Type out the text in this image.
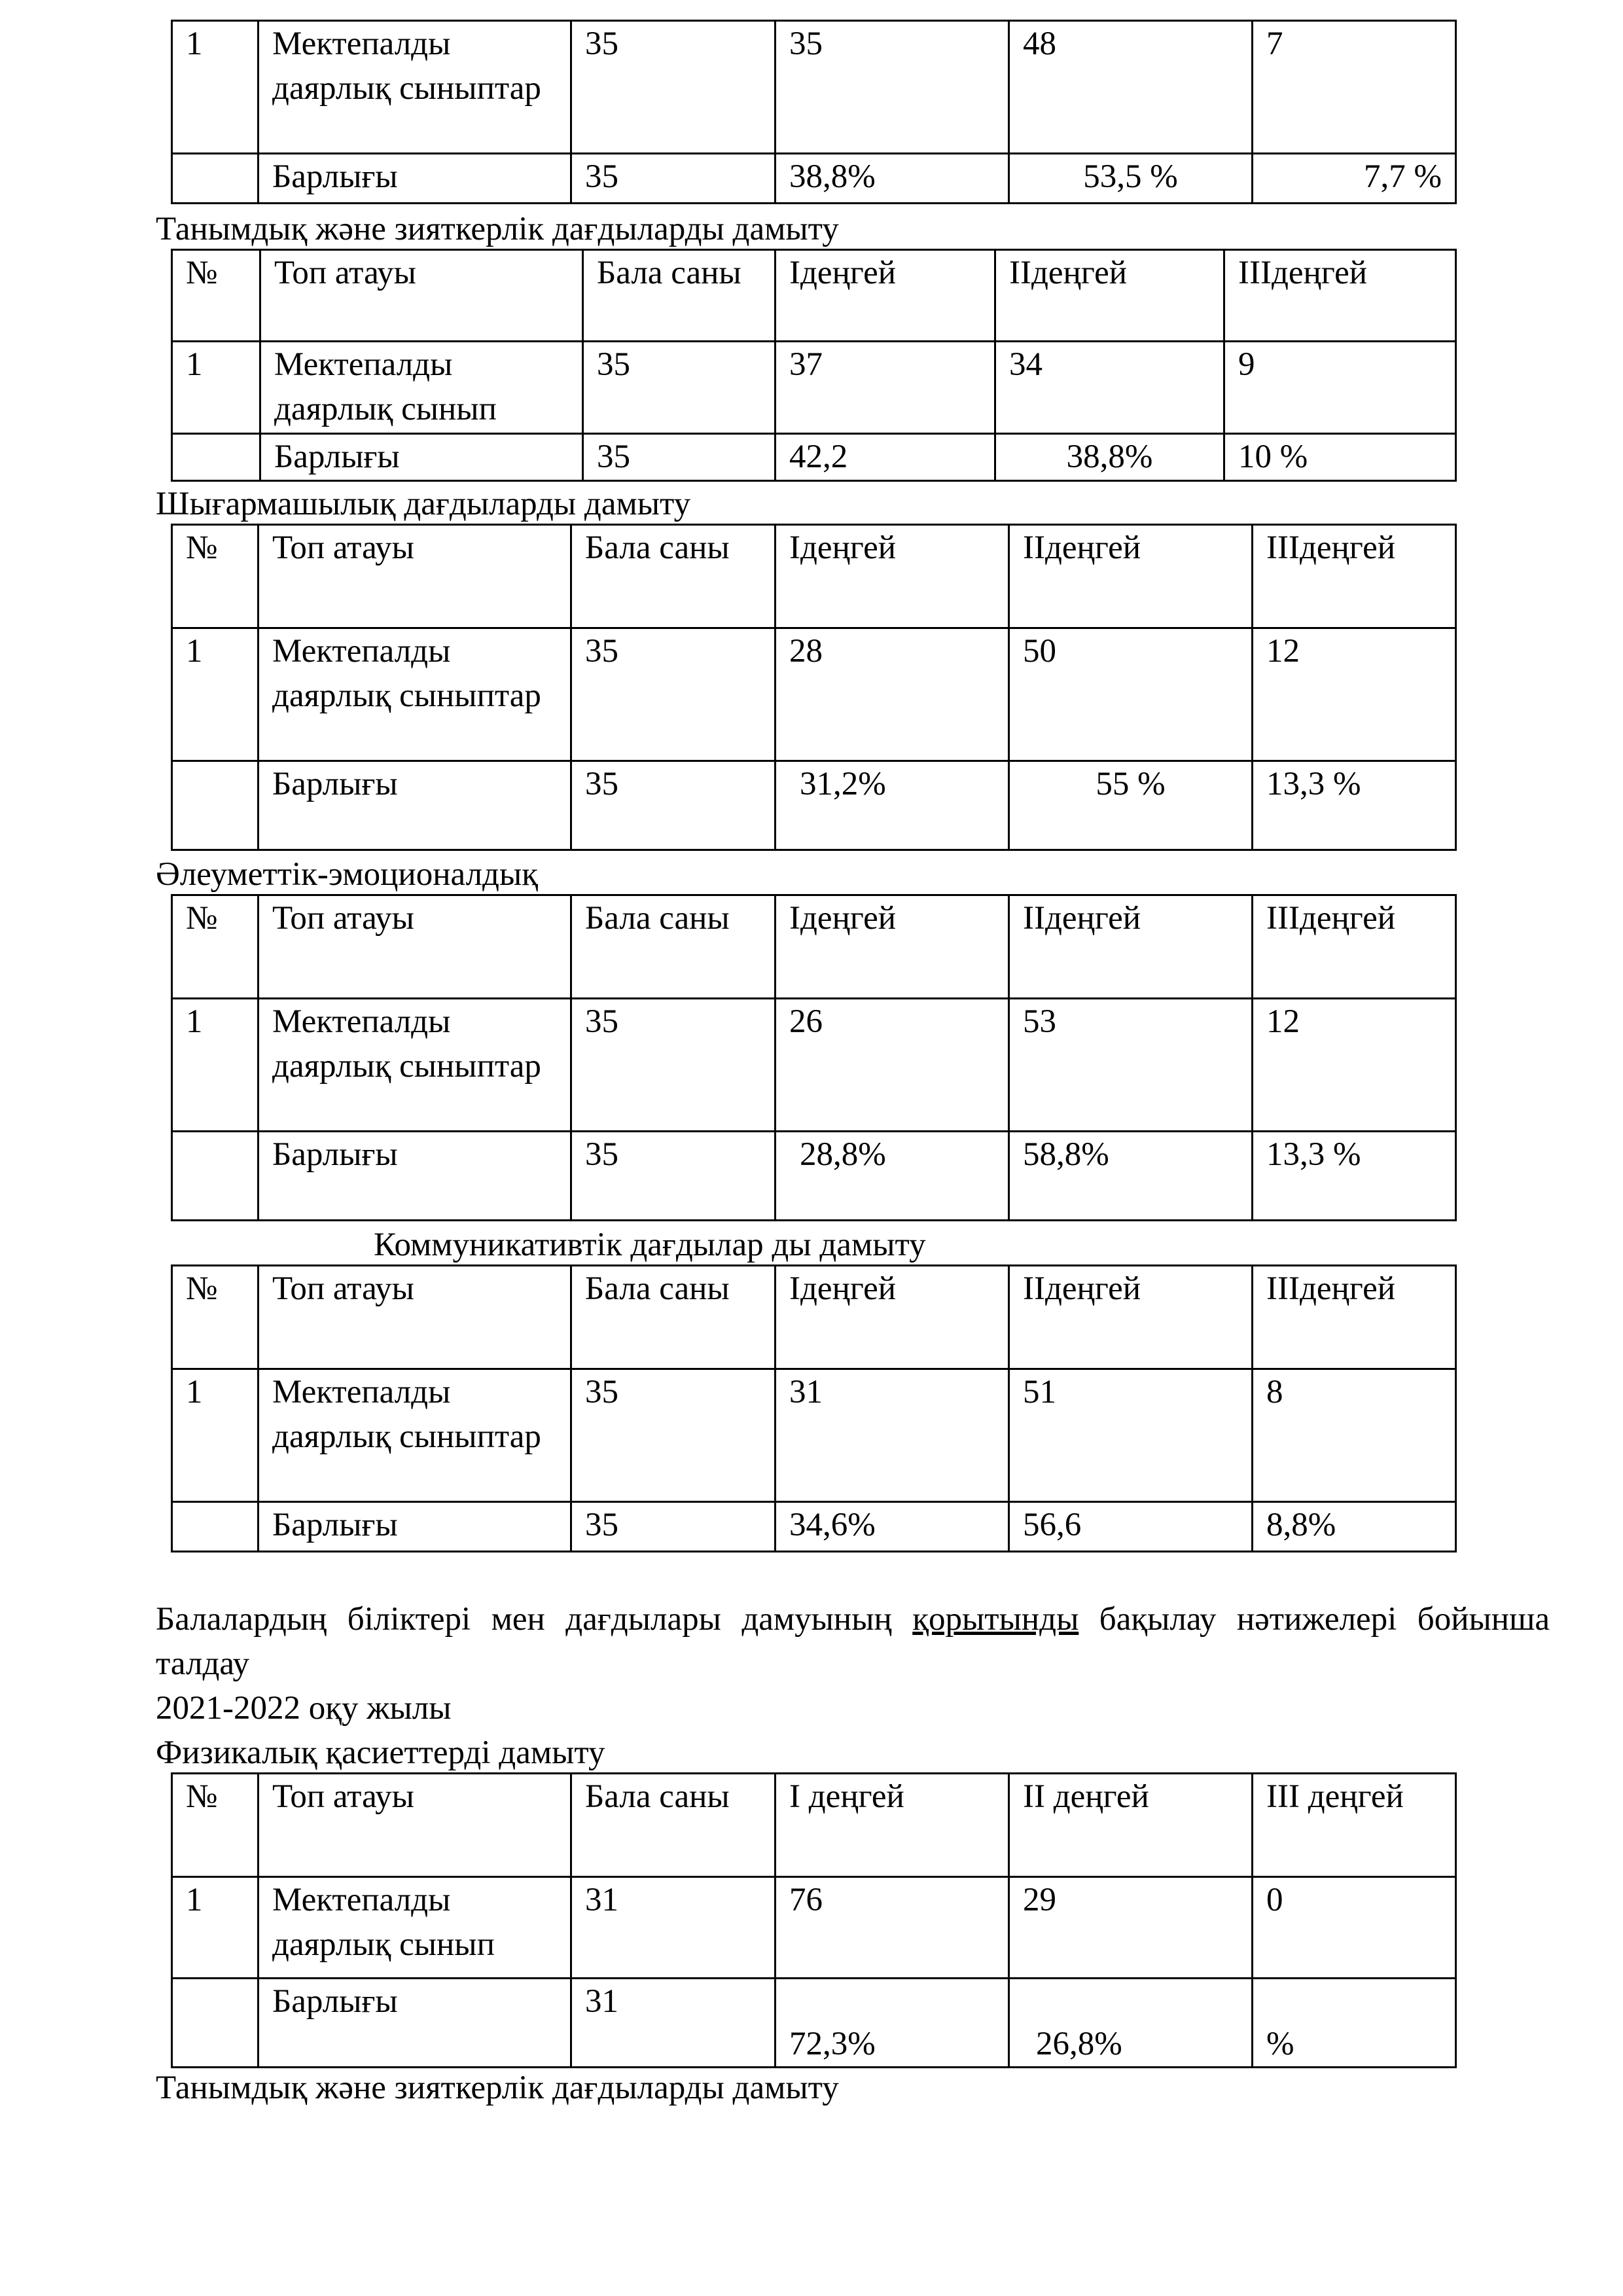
1	Мектепалды даярлық сыныптар	35	35	48	7
	Барлығы	35	38,8%	53,5 %	7,7 %
Танымдық және зияткерлік дағдыларды дамыту
№	Топ атауы	Бала саны	Ідеңгей	ІІдеңгей	ІІІдеңгей
1	Мектепалды даярлық сынып	35	37	34	9
	Барлығы	35	42,2	38,8%	10 %
Шығармашылық дағдыларды дамыту
№	Топ атауы	Бала саны	Ідеңгей	ІІдеңгей	ІІІдеңгей
1	Мектепалды даярлық сыныптар	35	28	50	12
	Барлығы	35	31,2%	55 %	13,3 %
Әлеуметтік-эмоционалдық
№	Топ атауы	Бала саны	Ідеңгей	ІІдеңгей	ІІІдеңгей
1	Мектепалды даярлық сыныптар	35	26	53	12
	Барлығы	35	28,8%	58,8%	13,3 %
Коммуникативтік дағдылар ды дамыту
№	Топ атауы	Бала саны	Ідеңгей	ІІдеңгей	ІІІдеңгей
1	Мектепалды даярлық сыныптар	35	31	51	8
	Барлығы	35	34,6%	56,6	8,8%
Балалардың біліктері мен дағдылары дамуының қорытынды бақылау нәтижелері бойынша талдау
2021-2022 оқу жылы
Физикалық қасиеттерді дамыту
№	Топ атауы	Бала саны	І деңгей	ІІ деңгей	ІІІ деңгей
1	Мектепалды даярлық сынып	31	76	29	0
	Барлығы	31	72,3%	26,8%	%
Танымдық және зияткерлік дағдыларды дамыту
